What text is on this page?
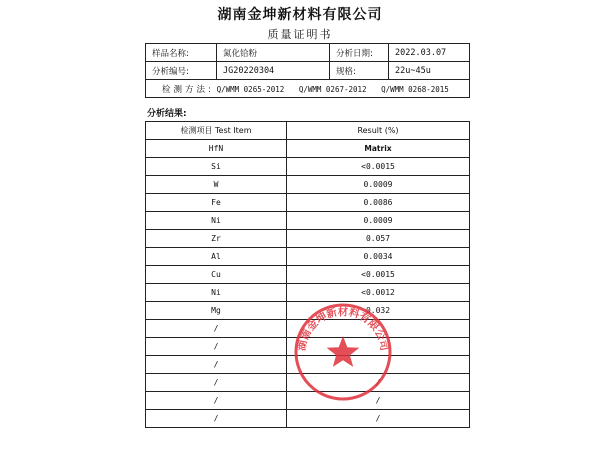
湖南金坤新材料有限公司
质量证明书
样品名称:	氮化铪粉	分析日期:	2022.03.07
分析编号:	JG20220304	规格:	22u~45u
检测方法: Q/WMM 0265-2012 Q/WMM 0267-2012 Q/WMM 0268-2015			
分析结果:
检测项目 Test Item	Result (%)
HfN	Matrix
Si	<0.0015
W	0.0009
Fe	0.0086
Ni	0.0009
Zr	0.057
Al	0.0034
Cu	<0.0015
Ni	<0.0012
Mg	0.032
/	
/	
/	
/	/
/	/
/	/
湖南金坤新材料有限公司
